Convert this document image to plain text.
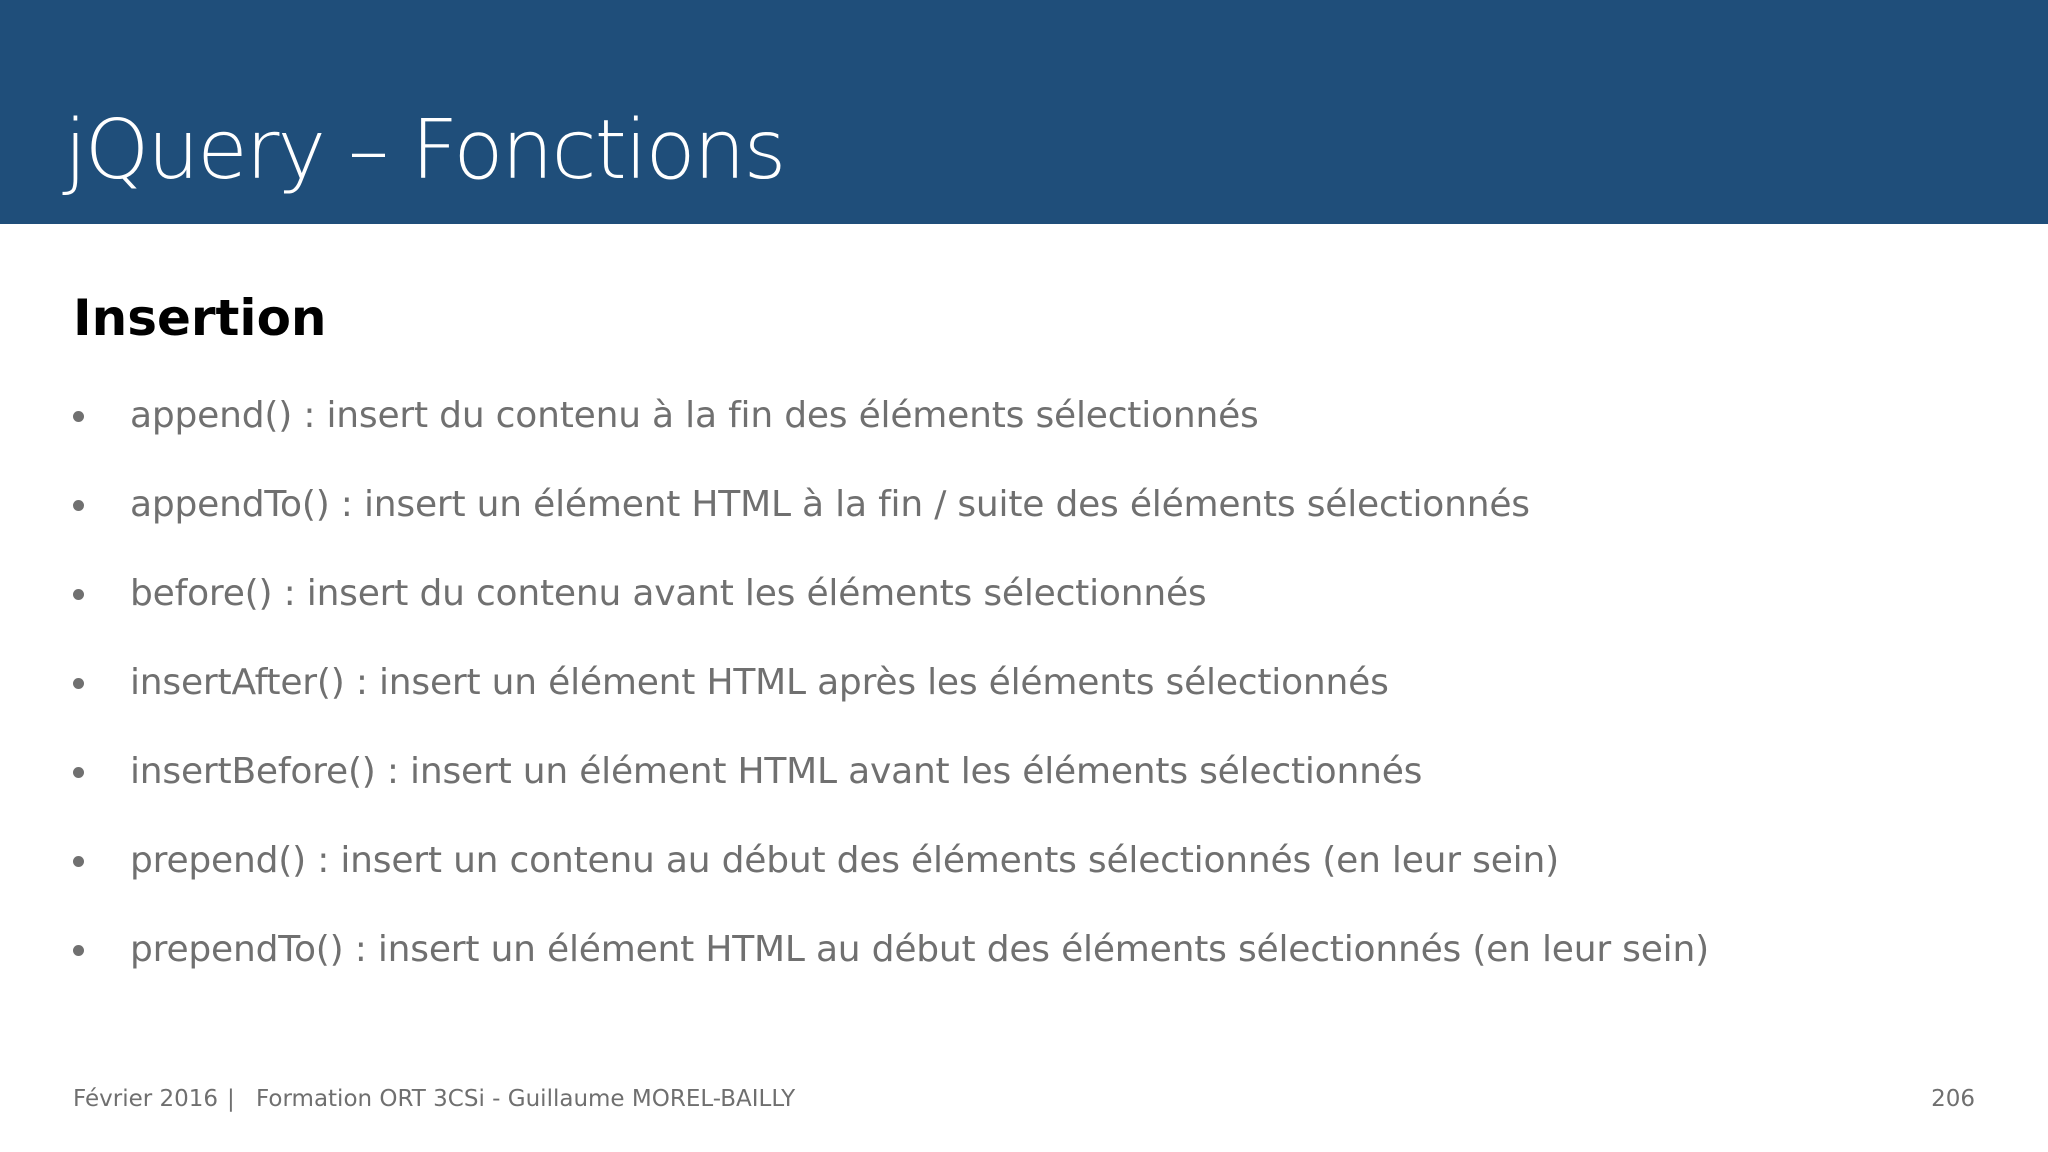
jQuery – Fonctions
Insertion
append() : insert du contenu à la fin des éléments sélectionnés
appendTo() : insert un élément HTML à la fin / suite des éléments sélectionnés
before() : insert du contenu avant les éléments sélectionnés
insertAfter() : insert un élément HTML après les éléments sélectionnés
insertBefore() : insert un élément HTML avant les éléments sélectionnés
prepend() : insert un contenu au début des éléments sélectionnés (en leur sein)
prependTo() : insert un élément HTML au début des éléments sélectionnés (en leur sein)
Février 2016 | Formation ORT 3CSi - Guillaume MOREL-BAILLY	206
